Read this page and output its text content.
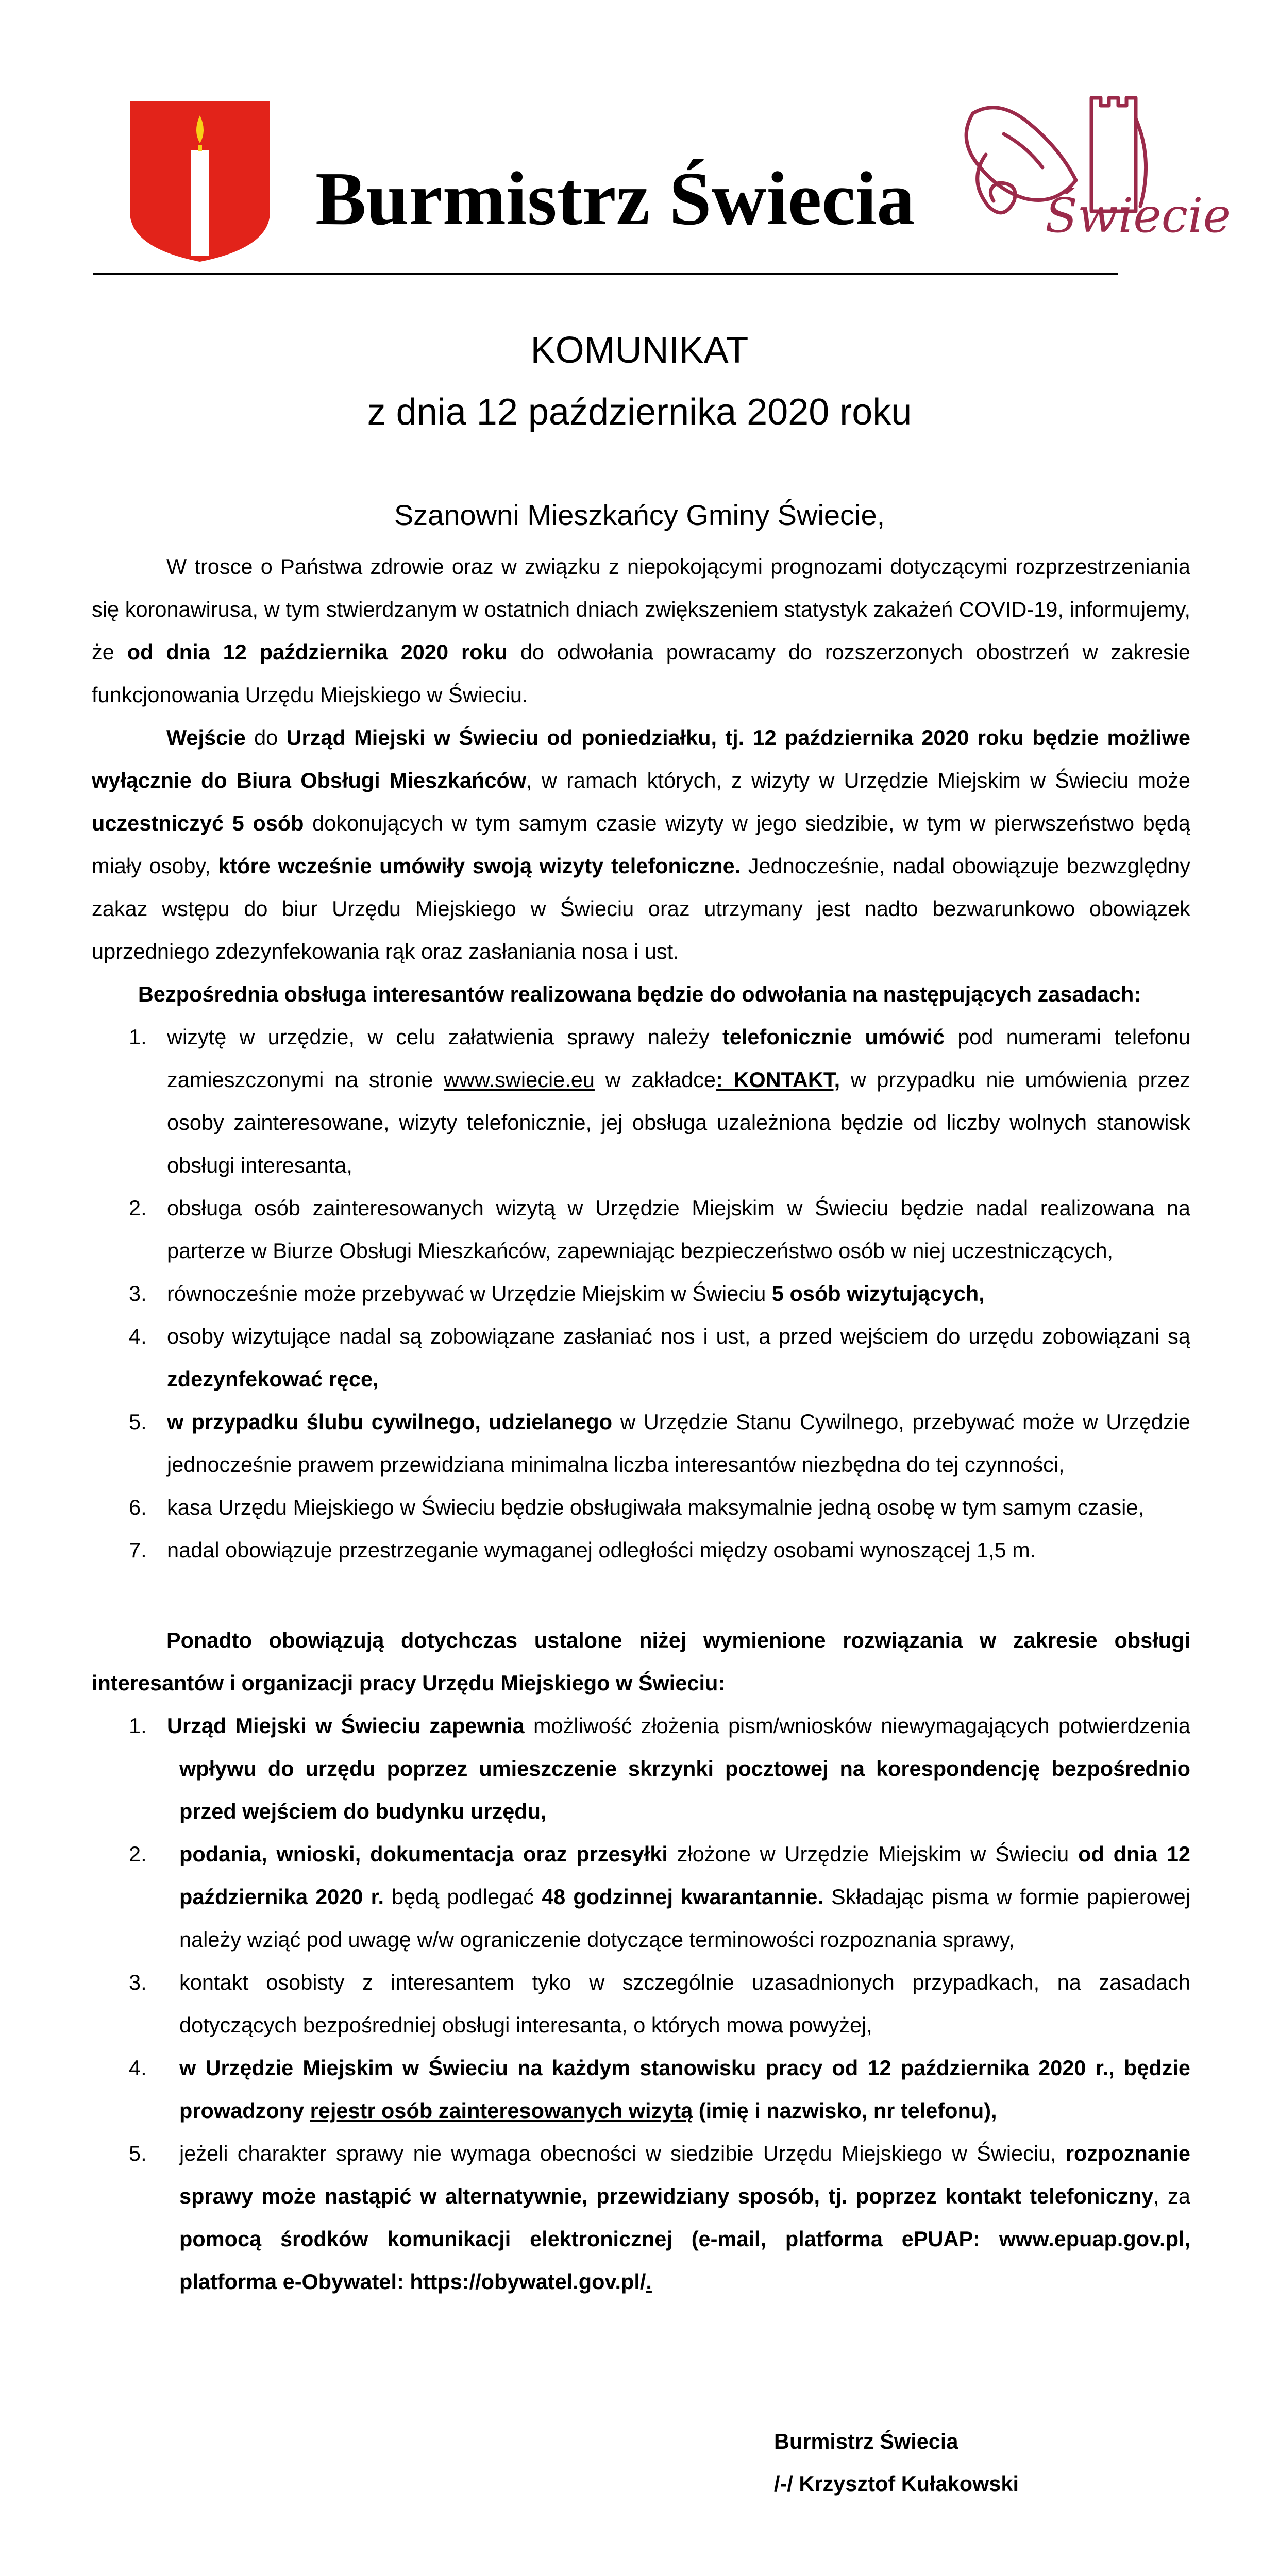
Świecie
Burmistrz Świecia
KOMUNIKAT
z dnia 12 października 2020 roku
Szanowni Mieszkańcy Gminy Świecie,
W trosce o Państwa zdrowie oraz w związku z niepokojącymi prognozami dotyczącymi rozprzestrzeniania się koronawirusa, w tym stwierdzanym w ostatnich dniach zwiększeniem statystyk zakażeń COVID-19, informujemy, że od dnia 12 października 2020 roku do odwołania powracamy do rozszerzonych obostrzeń w zakresie funkcjonowania Urzędu Miejskiego w Świeciu.
Wejście do Urząd Miejski w Świeciu od poniedziałku, tj. 12 października 2020 roku będzie możliwe wyłącznie do Biura Obsługi Mieszkańców, w ramach których, z wizyty w Urzędzie Miejskim w Świeciu może uczestniczyć 5 osób dokonujących w tym samym czasie wizyty w jego siedzibie, w tym w pierwszeństwo będą miały osoby, które wcześnie umówiły swoją wizyty telefoniczne. Jednocześnie, nadal obowiązuje bezwzględny zakaz wstępu do biur Urzędu Miejskiego w Świeciu oraz utrzymany jest nadto bezwarunkowo obowiązek uprzedniego zdezynfekowania rąk oraz zasłaniania nosa i ust.
Bezpośrednia obsługa interesantów realizowana będzie do odwołania na następujących zasadach:
1. wizytę w urzędzie, w celu załatwienia sprawy należy telefonicznie umówić pod numerami telefonu zamieszczonymi na stronie www.swiecie.eu w zakładce: KONTAKT, w przypadku nie umówienia przez osoby zainteresowane, wizyty telefonicznie, jej obsługa uzależniona będzie od liczby wolnych stanowisk obsługi interesanta,
2. obsługa osób zainteresowanych wizytą w Urzędzie Miejskim w Świeciu będzie nadal realizowana na parterze w Biurze Obsługi Mieszkańców, zapewniając bezpieczeństwo osób w niej uczestniczących,
3. równocześnie może przebywać w Urzędzie Miejskim w Świeciu 5 osób wizytujących,
4. osoby wizytujące nadal są zobowiązane zasłaniać nos i ust, a przed wejściem do urzędu zobowiązani są zdezynfekować ręce,
5. w przypadku ślubu cywilnego, udzielanego w Urzędzie Stanu Cywilnego, przebywać może w Urzędzie jednocześnie prawem przewidziana minimalna liczba interesantów niezbędna do tej czynności,
6. kasa Urzędu Miejskiego w Świeciu będzie obsługiwała maksymalnie jedną osobę w tym samym czasie,
7. nadal obowiązuje przestrzeganie wymaganej odległości między osobami wynoszącej 1,5 m.
Ponadto obowiązują dotychczas ustalone niżej wymienione rozwiązania w zakresie obsługi interesantów i organizacji pracy Urzędu Miejskiego w Świeciu:
1. Urząd Miejski w Świeciu zapewnia możliwość złożenia pism/wniosków niewymagających potwierdzenia wpływu do urzędu poprzez umieszczenie skrzynki pocztowej na korespondencję bezpośrednio przed wejściem do budynku urzędu,
2. podania, wnioski, dokumentacja oraz przesyłki złożone w Urzędzie Miejskim w Świeciu od dnia 12 października 2020 r. będą podlegać 48 godzinnej kwarantannie. Składając pisma w formie papierowej należy wziąć pod uwagę w/w ograniczenie dotyczące terminowości rozpoznania sprawy,
3. kontakt osobisty z interesantem tyko w szczególnie uzasadnionych przypadkach, na zasadach dotyczących bezpośredniej obsługi interesanta, o których mowa powyżej,
4. w Urzędzie Miejskim w Świeciu na każdym stanowisku pracy od 12 października 2020 r., będzie prowadzony rejestr osób zainteresowanych wizytą (imię i nazwisko, nr telefonu),
5. jeżeli charakter sprawy nie wymaga obecności w siedzibie Urzędu Miejskiego w Świeciu, rozpoznanie sprawy może nastąpić w alternatywnie, przewidziany sposób, tj. poprzez kontakt telefoniczny, za pomocą środków komunikacji elektronicznej (e-mail, platforma ePUAP: www.epuap.gov.pl, platforma e-Obywatel: https://obywatel.gov.pl/.
Burmistrz Świecia
/-/ Krzysztof Kułakowski
